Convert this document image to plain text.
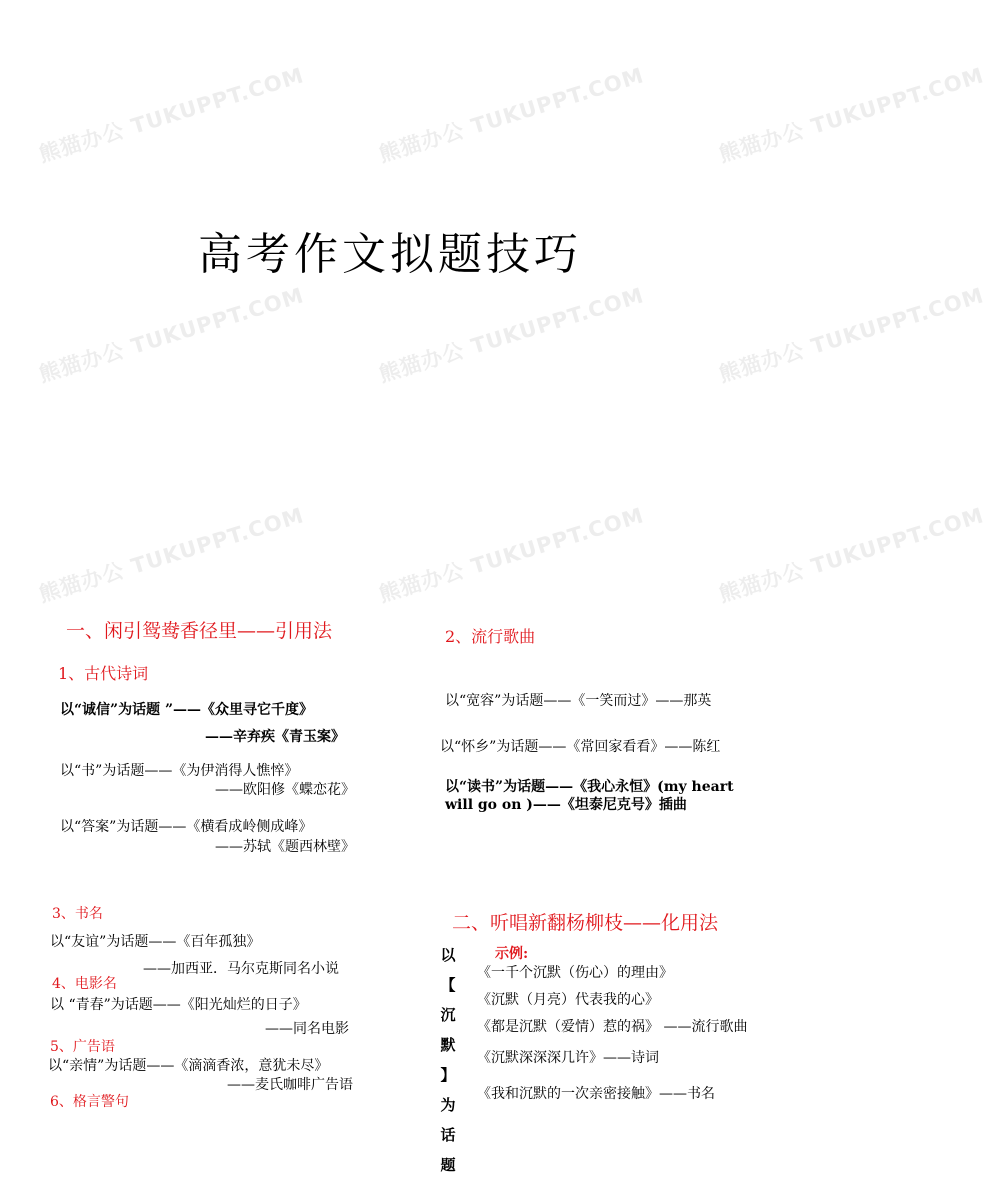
熊猫办公 TUKUPPT.COM	熊猫办公 TUKUPPT.COM	熊猫办公 TUKUPPT.COM
熊猫办公 TUKUPPT.COM	熊猫办公 TUKUPPT.COM	熊猫办公 TUKUPPT.COM
熊猫办公 TUKUPPT.COM	熊猫办公 TUKUPPT.COM	熊猫办公 TUKUPPT.COM
高考作文拟题技巧
一、闲引鸳鸯香径里——引用法
1、古代诗词
以“诚信”为话题 ”——《众里寻它千度》
——辛弃疾《青玉案》
以“书”为话题——《为伊消得人憔悴》
——欧阳修《蝶恋花》
以“答案”为话题——《横看成岭侧成峰》
——苏轼《题西林壁》
3、书名
以“友谊”为话题——《百年孤独》
——加西亚．马尔克斯同名小说
4、电影名
以 “青春”为话题——《阳光灿烂的日子》
——同名电影
5、广告语
以“亲情”为话题——《滴滴香浓，意犹未尽》
——麦氏咖啡广告语
6、格言警句
2、流行歌曲
以“宽容”为话题——《一笑而过》——那英
以“怀乡”为话题——《常回家看看》——陈红
以“读书”为话题——《我心永恒》(my heart
will go on )——《坦泰尼克号》插曲
二、听唱新翻杨柳枝——化用法
以
【
沉
默
】
为
话
题
示例:
《一千个沉默（伤心）的理由》
《沉默（月亮）代表我的心》
《都是沉默（爱情）惹的祸》 ——流行歌曲
《沉默深深深几许》——诗词
《我和沉默的一次亲密接触》——书名
